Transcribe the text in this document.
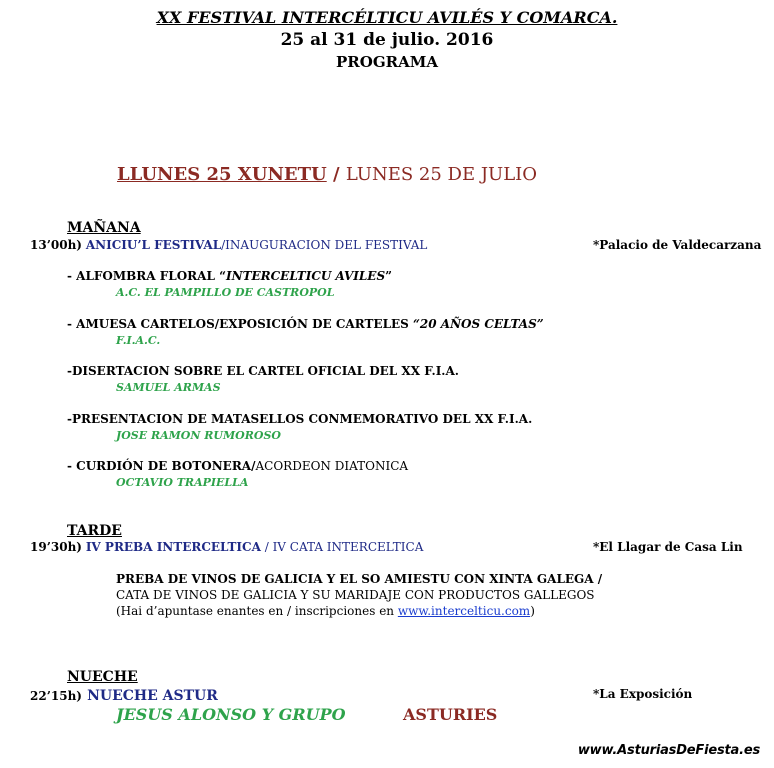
XX FESTIVAL INTERCÉLTICU AVILÉS Y COMARCA.
25 al 31 de julio. 2016
PROGRAMA
LLUNES 25 XUNETU / LUNES 25 DE JULIO
MAÑANA
13’00h) ANICIU’L FESTIVAL/INAUGURACION DEL FESTIVAL	*Palacio de Valdecarzana
- ALFOMBRA FLORAL “INTERCELTICU AVILES”
A.C. EL PAMPILLO DE CASTROPOL
- AMUESA CARTELOS/EXPOSICIÓN DE CARTELES “20 AÑOS CELTAS”
F.I.A.C.
-DISERTACION SOBRE EL CARTEL OFICIAL DEL XX F.I.A.
SAMUEL ARMAS
-PRESENTACION DE MATASELLOS CONMEMORATIVO DEL XX F.I.A.
JOSE RAMON RUMOROSO
- CURDIÓN DE BOTONERA/ACORDEON DIATONICA
OCTAVIO TRAPIELLA
TARDE
19’30h) IV PREBA INTERCELTICA / IV CATA INTERCELTICA	*El Llagar de Casa Lin
PREBA DE VINOS DE GALICIA Y EL SO AMIESTU CON XINTA GALEGA /
CATA DE VINOS DE GALICIA Y SU MARIDAJE CON PRODUCTOS GALLEGOS
(Hai d’apuntase enantes en / inscripciones en www.intercelticu.com)
NUECHE
22’15h) NUECHE ASTUR	*La Exposición
JESUS ALONSO Y GRUPO	ASTURIES
www.AsturiasDeFiesta.es
